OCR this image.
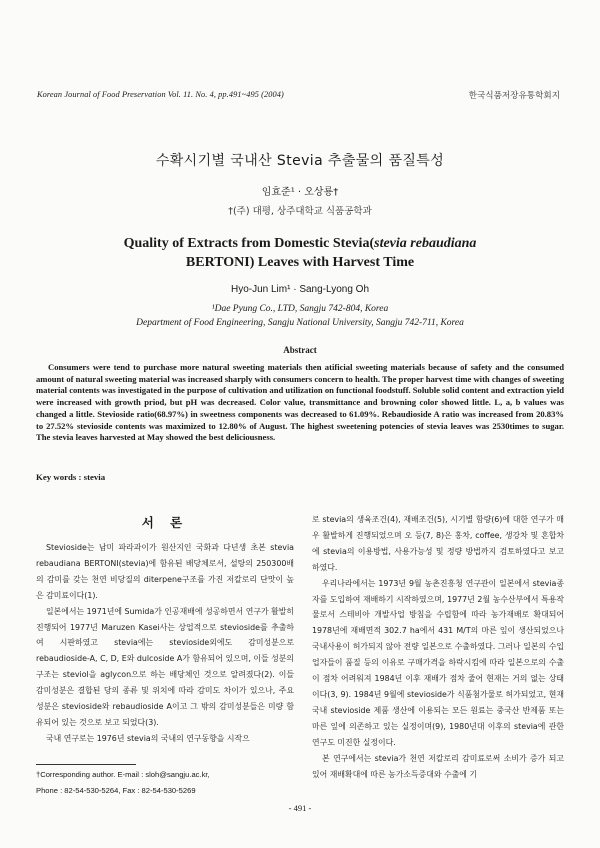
Korean Journal of Food Preservation Vol. 11. No. 4, pp.491~495 (2004)	한국식품저장유통학회지
수확시기별 국내산 Stevia 추출물의 품질특성
임효준¹ · 오상룡†
†(주) 대평, 상주대학교 식품공학과
Quality of Extracts from Domestic Stevia(stevia rebaudiana
BERTONI) Leaves with Harvest Time
Hyo-Jun Lim¹ · Sang-Lyong Oh
¹Dae Pyung Co., LTD, Sangju 742-804, Korea
Department of Food Engineering, Sangju National University, Sangju 742-711, Korea
Abstract
Consumers were tend to purchase more natural sweeting materials then atificial sweeting materials because of safety and the consumed amount of natural sweeting material was increased sharply with consumers concern to health. The proper harvest time with changes of sweeting material contents was investigated in the purpose of cultivation and utilization on functional foodstuff. Soluble solid content and extraction yield were increased with growth priod, but pH was decreased. Color value, transmittance and browning color showed little. L, a, b values was changed a little. Stevioside ratio(68.97%) in sweetness components was decreased to 61.09%. Rebaudioside A ratio was increased from 20.83% to 27.52% stevioside contents was maximized to 12.80% of August. The highest sweetening potencies of stevia leaves was 2530times to sugar. The stevia leaves harvested at May showed the best deliciousness.
Key words : stevia
서 론

Stevioside는 남미 파라과이가 원산지인 국화과 다년생 초본 stevia rebaudiana BERTONI(stevia)에 함유된 배당체로서, 설탕의 250300배의 감미를 갖는 천연 비당질의 diterpene구조를 가진 저칼로리 단맛이 높은 감미료이다(1).

일본에서는 1971년에 Sumida가 인공재배에 성공하면서 연구가 활발히 진행되어 1977년 Maruzen Kasei사는 상업적으로 stevioside를 추출하여 시판하였고 stevia에는 stevioside외에도 감미성분으로 rebaudioside-A, C, D, E와 dulcoside A가 함유되어 있으며, 이들 성분의 구조는 steviol을 aglycon으로 하는 배당체인 것으로 알려졌다(2). 이들 감미성분은 결합된 당의 종류 및 위치에 따라 감미도 차이가 있으나, 주요 성분은 stevioside와 rebaudioside A이고 그 밖의 감미성분들은 미량 함유되어 있는 것으로 보고 되었다(3).

국내 연구로는 1976년 stevia의 국내의 연구동향을 시작으

로 stevia의 생육조건(4), 재배조건(5), 시기별 함량(6)에 대한 연구가 매우 활발하게 진행되었으며 오 등(7, 8)은 홍차, coffee, 생강차 및 혼합차에 stevia의 이용방법, 사용가능성 및 정량 방법까지 검토하였다고 보고하였다.

우리나라에서는 1973년 9월 농촌진흥청 연구관이 일본에서 stevia종자를 도입하여 재배하기 시작하였으며, 1977년 2월 농수산부에서 특용작물로서 스테비아 개발사업 방침을 수립함에 따라 농가재배로 확대되어 1978년에 재배면적 302.7 ha에서 431 M/T의 마른 잎이 생산되었으나 국내사용이 허가되지 않아 전량 일본으로 수출하였다. 그러나 일본의 수입업자들이 품질 등의 이유로 구매가격을 하락시킴에 따라 일본으로의 수출이 점차 어려워져 1984년 이후 재배가 점차 줄어 현재는 거의 없는 상태이다(3, 9). 1984년 9월에 stevioside가 식품첨가물로 허가되었고, 현재 국내 stevioside 제품 생산에 이용되는 모든 원료는 중국산 반제품 또는 마른 잎에 의존하고 있는 실정이며(9), 1980년대 이후의 stevia에 관한 연구도 미진한 실정이다.

본 연구에서는 stevia가 천연 저칼로리 감미료로써 소비가 증가 되고 있어 재배확대에 따른 농가소득증대와 수출에 기

†Corresponding author. E-mail : sloh@sangju.ac.kr,
Phone : 82-54-530-5264, Fax : 82-54-530-5269
- 491 -
